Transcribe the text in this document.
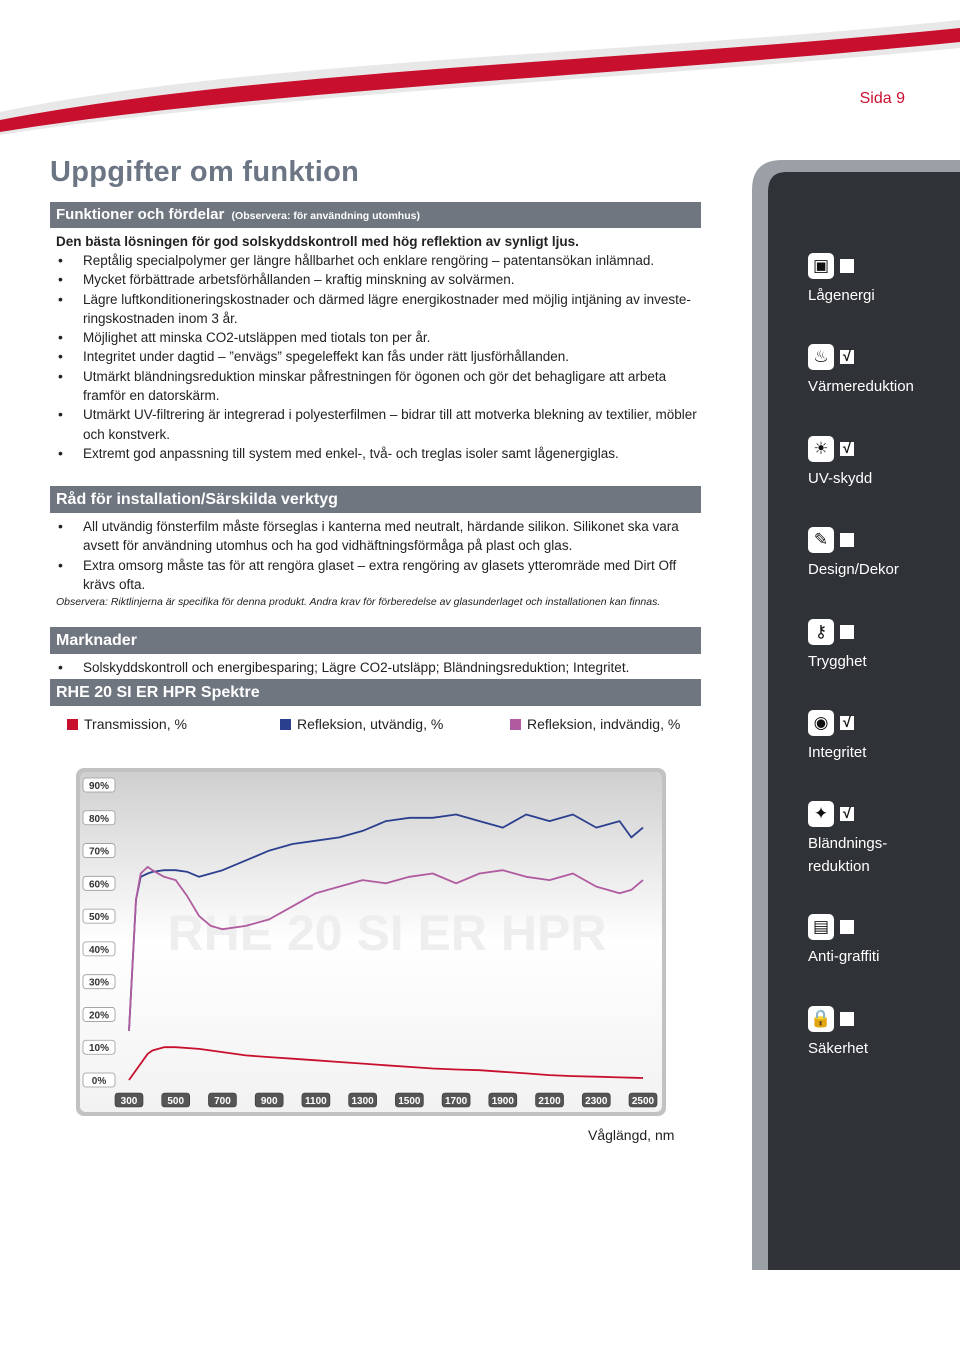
Sida 9
Uppgifter om funktion
Funktioner och fördelar (Observera: för användning utomhus)
Den bästa lösningen för god solskyddskontroll med hög reflektion av synligt ljus.
• Reptålig specialpolymer ger längre hållbarhet och enklare rengöring – patentansökan inlämnad.
• Mycket förbättrade arbetsförhållanden – kraftig minskning av solvärmen.
• Lägre luftkonditioneringskostnader och därmed lägre energikostnader med möjlig intjäning av investe-ringskostnaden inom 3 år.
• Möjlighet att minska CO2-utsläppen med tiotals ton per år.
• Integritet under dagtid – ”envägs” spegeleffekt kan fås under rätt ljusförhållanden.
• Utmärkt bländningsreduktion minskar påfrestningen för ögonen och gör det behagligare att arbeta framför en datorskärm.
• Utmärkt UV-filtrering är integrerad i polyesterfilmen – bidrar till att motverka blekning av textilier, möbler och konstverk.
• Extremt god anpassning till system med enkel-, två- och treglas isoler samt lågenergiglas.
Råd för installation/Särskilda verktyg
• All utvändig fönsterfilm måste förseglas i kanterna med neutralt, härdande silikon. Silikonet ska vara avsett för användning utomhus och ha god vidhäftningsförmåga på plast och glas.
• Extra omsorg måste tas för att rengöra glaset – extra rengöring av glasets ytteromräde med Dirt Off krävs ofta.
Observera: Riktlinjerna är specifika för denna produkt. Andra krav för förberedelse av glasunderlaget och installationen kan finnas.
Marknader
• Solskyddskontroll och energibesparing; Lägre CO2-utsläpp; Bländningsreduktion; Integritet.
RHE 20 SI ER HPR Spektre
Transmission, %	Refleksion, utvändig, %	Refleksion, indvändig, %
RHE 20 SI ER HPR
0%
10%
20%
30%
40%
50%
60%
70%
80%
90%
300	500	700	900	1100 1300 1500 1700 1900 2100 2300 2500
Våglängd, nm
▣
Lågenergi
♨ √
Värmereduktion
☀ √
UV-skydd
✎
Design/Dekor
⚷
Trygghet
◉ √
Integritet
✦ √
Bländnings-
reduktion
▤
Anti-graffiti
🔒
Säkerhet
Alla värden på de tekniska parametrarna bestäms av tillverkaren och oberoende testlaboratorier.
Version 1.00.0210 Med ensamrätt och reservation för fel. ©2010 by CPFilms. www.LLumar.com
